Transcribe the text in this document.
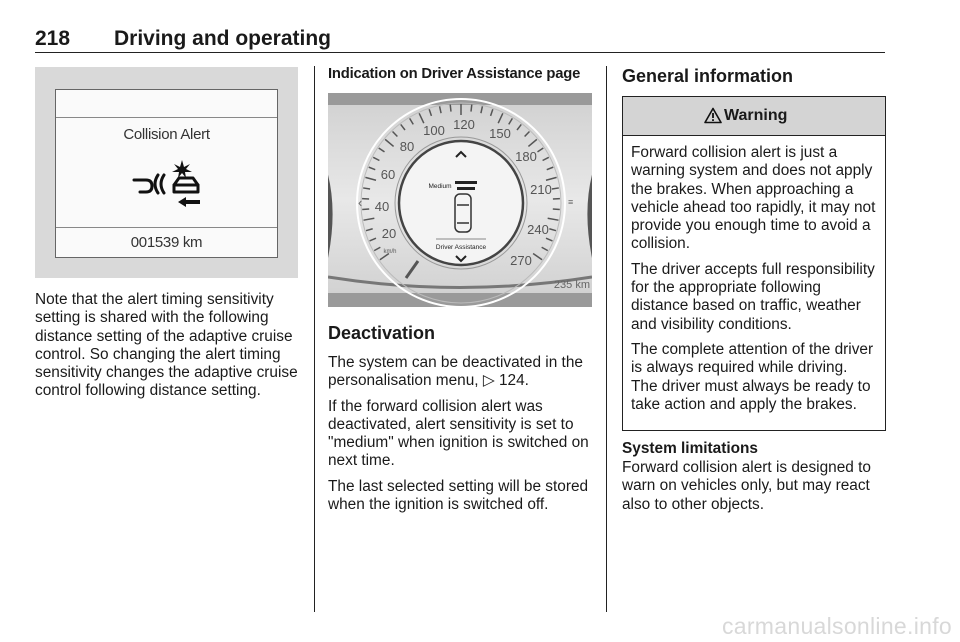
218 Driving and operating
Collision Alert
001539 km

Note that the alert timing sensitivity setting is shared with the following distance setting of the adaptive cruise control. So changing the alert timing sensitivity changes the adaptive cruise control following distance setting.

Indication on Driver Assistance page
20
40
60
80
100 120
150
180
210
240
270
km/h
Medium
Driver Assistance
‹	≡
235 km
Deactivation

The system can be deactivated in the personalisation menu, ▷ 124.

If the forward collision alert was deactivated, alert sensitivity is set to "medium" when ignition is switched on next time.

The last selected setting will be stored when the ignition is switched off.

General information
Warning

Forward collision alert is just a warning system and does not apply the brakes. When approaching a vehicle ahead too rapidly, it may not provide you enough time to avoid a collision.

The driver accepts full responsibility for the appropriate following distance based on traffic, weather and visibility conditions.

The complete attention of the driver is always required while driving. The driver must always be ready to take action and apply the brakes.

System limitations

Forward collision alert is designed to warn on vehicles only, but may react also to other objects.

carmanualsonline.info
